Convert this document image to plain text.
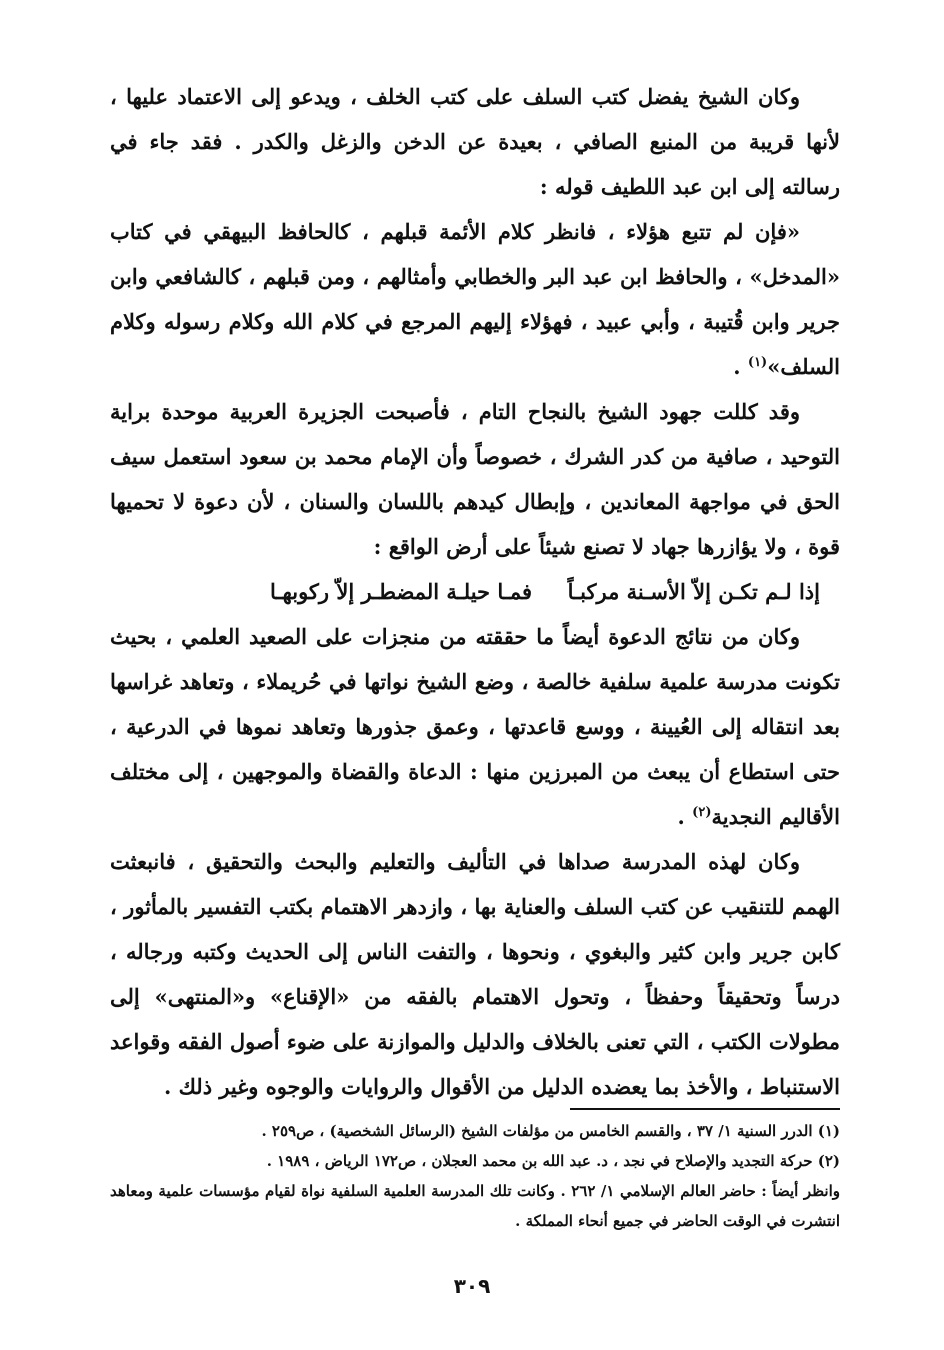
وكان الشيخ يفضل كتب السلف على كتب الخلف ، ويدعو إلى الاعتماد عليها ، لأنها قريبة من المنبع الصافي ، بعيدة عن الدخن والزغل والكدر . فقد جاء في رسالته إلى ابن عبد اللطيف قوله :

«فإن لم تتبع هؤلاء ، فانظر كلام الأئمة قبلهم ، كالحافظ البيهقي في كتاب «المدخل» ، والحافظ ابن عبد البر والخطابي وأمثالهم ، ومن قبلهم ، كالشافعي وابن جرير وابن قُتيبة ، وأبي عبيد ، فهؤلاء إليهم المرجع في كلام الله وكلام رسوله وكلام السلف»$^{(١)}$ .

وقد كللت جهود الشيخ بالنجاح التام ، فأصبحت الجزيرة العربية موحدة براية التوحيد ، صافية من كدر الشرك ، خصوصاً وأن الإمام محمد بن سعود استعمل سيف الحق في مواجهة المعاندين ، وإبطال كيدهم باللسان والسنان ، لأن دعوة لا تحميها قوة ، ولا يؤازرها جهاد لا تصنع شيئاً على أرض الواقع :

إذا لـم تكـن إلاّ الأسـنة مركبـاً
فمـا حيلـة المضطـر إلاّ ركوبهـا

وكان من نتائج الدعوة أيضاً ما حققته من منجزات على الصعيد العلمي ، بحيث تكونت مدرسة علمية سلفية خالصة ، وضع الشيخ نواتها في حُريملاء ، وتعاهد غراسها بعد انتقاله إلى العُيينة ، ووسع قاعدتها ، وعمق جذورها وتعاهد نموها في الدرعية ، حتى استطاع أن يبعث من المبرزين منها : الدعاة والقضاة والموجهين ، إلى مختلف الأقاليم النجدية$^{(٢)}$ .

وكان لهذه المدرسة صداها في التأليف والتعليم والبحث والتحقيق ، فانبعثت الهمم للتنقيب عن كتب السلف والعناية بها ، وازدهر الاهتمام بكتب التفسير بالمأثور ، كابن جرير وابن كثير والبغوي ، ونحوها ، والتفت الناس إلى الحديث وكتبه ورجاله ، درساً وتحقيقاً وحفظاً ، وتحول الاهتمام بالفقه من «الإقناع» و«المنتهى» إلى مطولات الكتب ، التي تعنى بالخلاف والدليل والموازنة على ضوء أصول الفقه وقواعد الاستنباط ، والأخذ بما يعضده الدليل من الأقوال والروايات والوجوه وغير ذلك .

(١) الدرر السنية ١/ ٣٧ ، والقسم الخامس من مؤلفات الشيخ (الرسائل الشخصية) ، ص٢٥٩ .

(٢) حركة التجديد والإصلاح في نجد ، د. عبد الله بن محمد العجلان ، ص١٧٢ الرياض ، ١٩٨٩ .

وانظر أيضاً : حاضر العالم الإسلامي ١/ ٢٦٢ . وكانت تلك المدرسة العلمية السلفية نواة لقيام مؤسسات علمية ومعاهد انتشرت في الوقت الحاضر في جميع أنحاء المملكة .

٣٠٩
